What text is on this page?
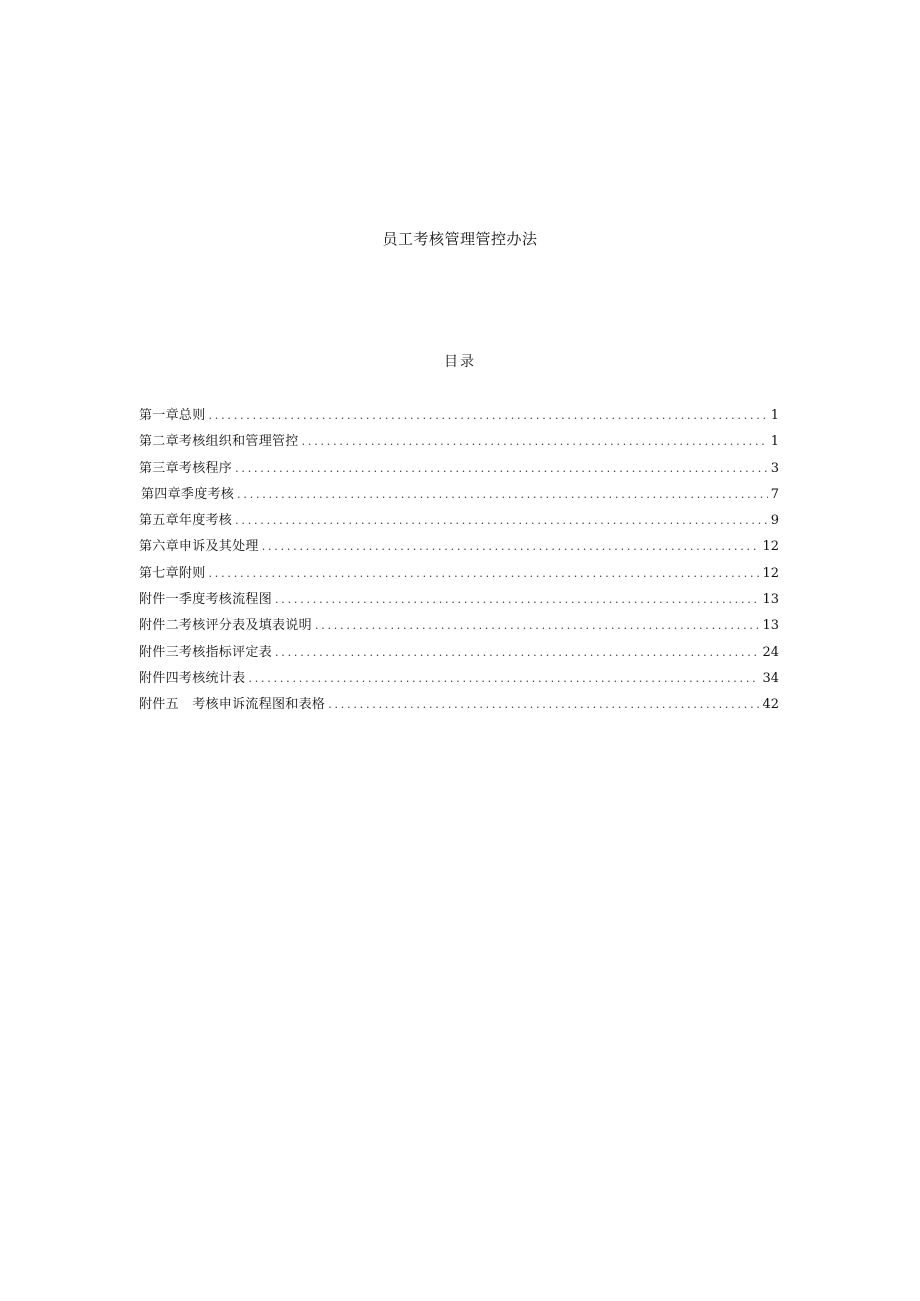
员工考核管理管控办法
目录
第一章总则 .....	1
第二章考核组织和管理管控 .....	1
第三章考核程序 .....	3
第四章季度考核 .....	7
第五章年度考核 .....	9
第六章申诉及其处理 .....	12
第七章附则 .....	12
附件一季度考核流程图 .....	13
附件二考核评分表及填表说明 .....	13
附件三考核指标评定表 .....	24
附件四考核统计表 .....	34
附件五　考核申诉流程图和表格 .....	42
